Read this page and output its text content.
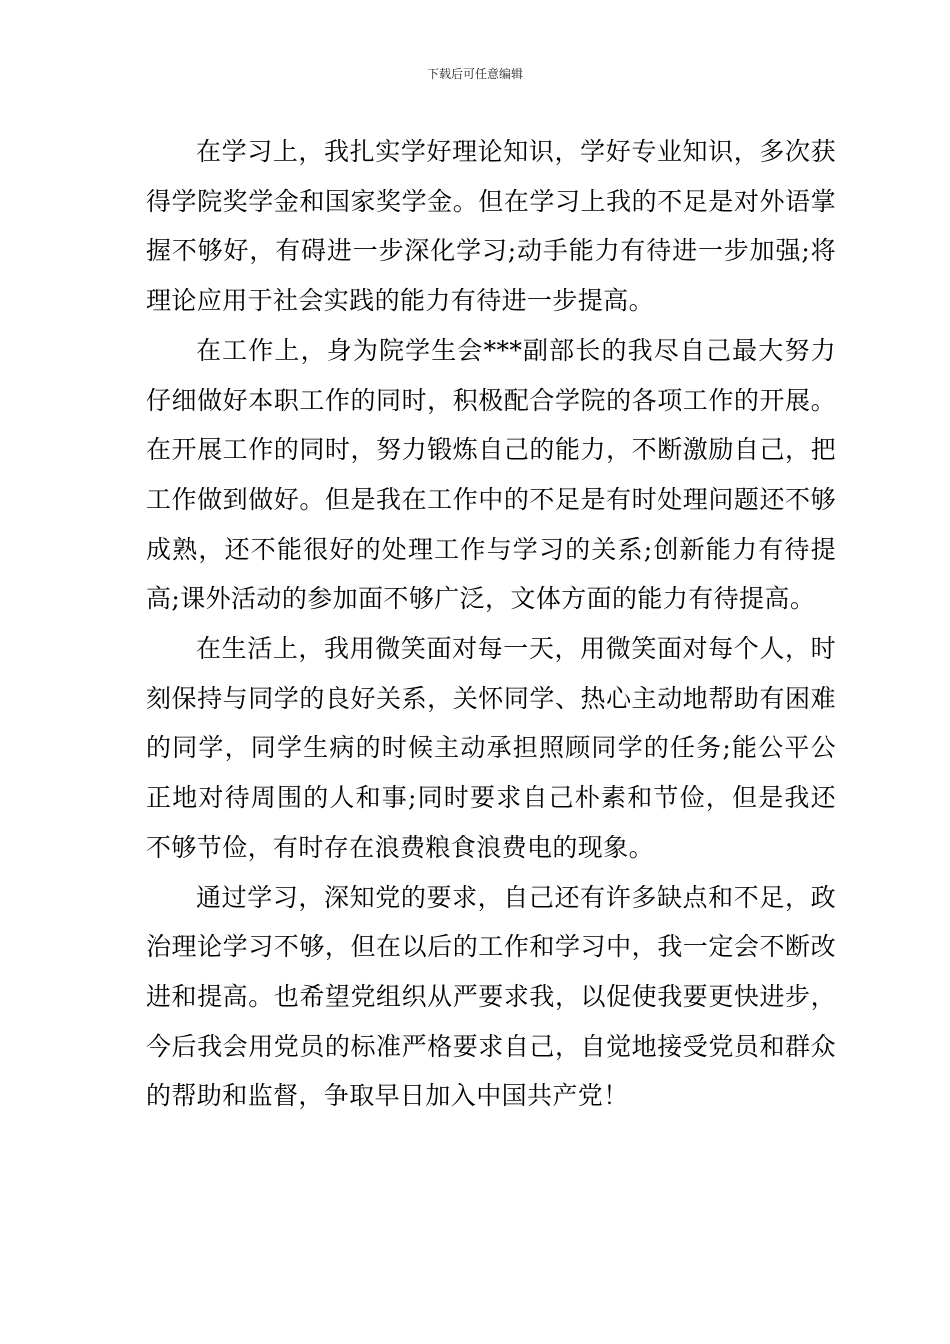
下载后可任意编辑

在学习上，我扎实学好理论知识，学好专业知识，多次获得学院奖学金和国家奖学金。但在学习上我的不足是对外语掌握不够好，有碍进一步深化学习;动手能力有待进一步加强;将理论应用于社会实践的能力有待进一步提高。

在工作上，身为院学生会***副部长的我尽自己最大努力仔细做好本职工作的同时，积极配合学院的各项工作的开展。在开展工作的同时，努力锻炼自己的能力，不断激励自己，把工作做到做好。但是我在工作中的不足是有时处理问题还不够成熟，还不能很好的处理工作与学习的关系;创新能力有待提高;课外活动的参加面不够广泛，文体方面的能力有待提高。

在生活上，我用微笑面对每一天，用微笑面对每个人，时刻保持与同学的良好关系，关怀同学、热心主动地帮助有困难的同学，同学生病的时候主动承担照顾同学的任务;能公平公正地对待周围的人和事;同时要求自己朴素和节俭，但是我还不够节俭，有时存在浪费粮食浪费电的现象。

通过学习，深知党的要求，自己还有许多缺点和不足，政治理论学习不够，但在以后的工作和学习中，我一定会不断改进和提高。也希望党组织从严要求我，以促使我要更快进步，今后我会用党员的标准严格要求自己，自觉地接受党员和群众的帮助和监督，争取早日加入中国共产党！
